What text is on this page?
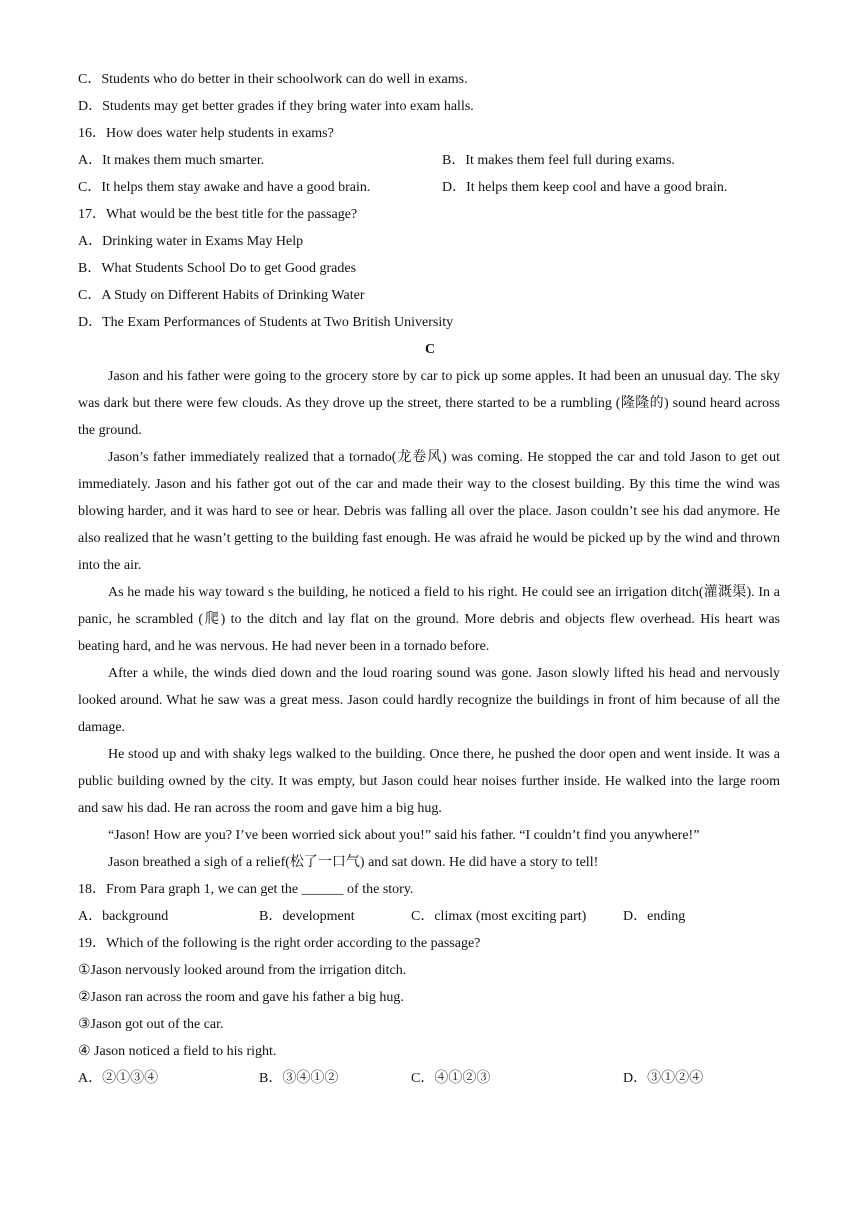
C．Students who do better in their schoolwork can do well in exams.
D．Students may get better grades if they bring water into exam halls.
16．How does water help students in exams?
A．It makes them much smarter.	B．It makes them feel full during exams.
C．It helps them stay awake and have a good brain.	D．It helps them keep cool and have a good brain.
17．What would be the best title for the passage?
A．Drinking water in Exams May Help
B．What Students School Do to get Good grades
C．A Study on Different Habits of Drinking Water
D．The Exam Performances of Students at Two British University
C
Jason and his father were going to the grocery store by car to pick up some apples. It had been an unusual day. The sky was dark but there were few clouds. As they drove up the street, there started to be a rumbling (隆隆的) sound heard across the ground.
Jason’s father immediately realized that a tornado(龙卷风) was coming. He stopped the car and told Jason to get out immediately. Jason and his father got out of the car and made their way to the closest building. By this time the wind was blowing harder, and it was hard to see or hear. Debris was falling all over the place. Jason couldn’t see his dad anymore. He also realized that he wasn’t getting to the building fast enough. He was afraid he would be picked up by the wind and thrown into the air.
As he made his way toward s the building, he noticed a field to his right. He could see an irrigation ditch(灌溉渠). In a panic, he scrambled (爬) to the ditch and lay flat on the ground. More debris and objects flew overhead. His heart was beating hard, and he was nervous. He had never been in a tornado before.
After a while, the winds died down and the loud roaring sound was gone. Jason slowly lifted his head and nervously looked around. What he saw was a great mess. Jason could hardly recognize the buildings in front of him because of all the damage.
He stood up and with shaky legs walked to the building. Once there, he pushed the door open and went inside. It was a public building owned by the city. It was empty, but Jason could hear noises further inside. He walked into the large room and saw his dad. He ran across the room and gave him a big hug.
“Jason! How are you? I’ve been worried sick about you!” said his father. “I couldn’t find you anywhere!”
Jason breathed a sigh of a relief(松了一口气) and sat down. He did have a story to tell!
18．From Para graph 1, we can get the ______ of the story.
A．background	B．development	C．climax (most exciting part)	D．ending
19．Which of the following is the right order according to the passage?
①Jason nervously looked around from the irrigation ditch.
②Jason ran across the room and gave his father a big hug.
③Jason got out of the car.
④ Jason noticed a field to his right.
A．②①③④	B．③④①②	C．④①②③	D．③①②④
